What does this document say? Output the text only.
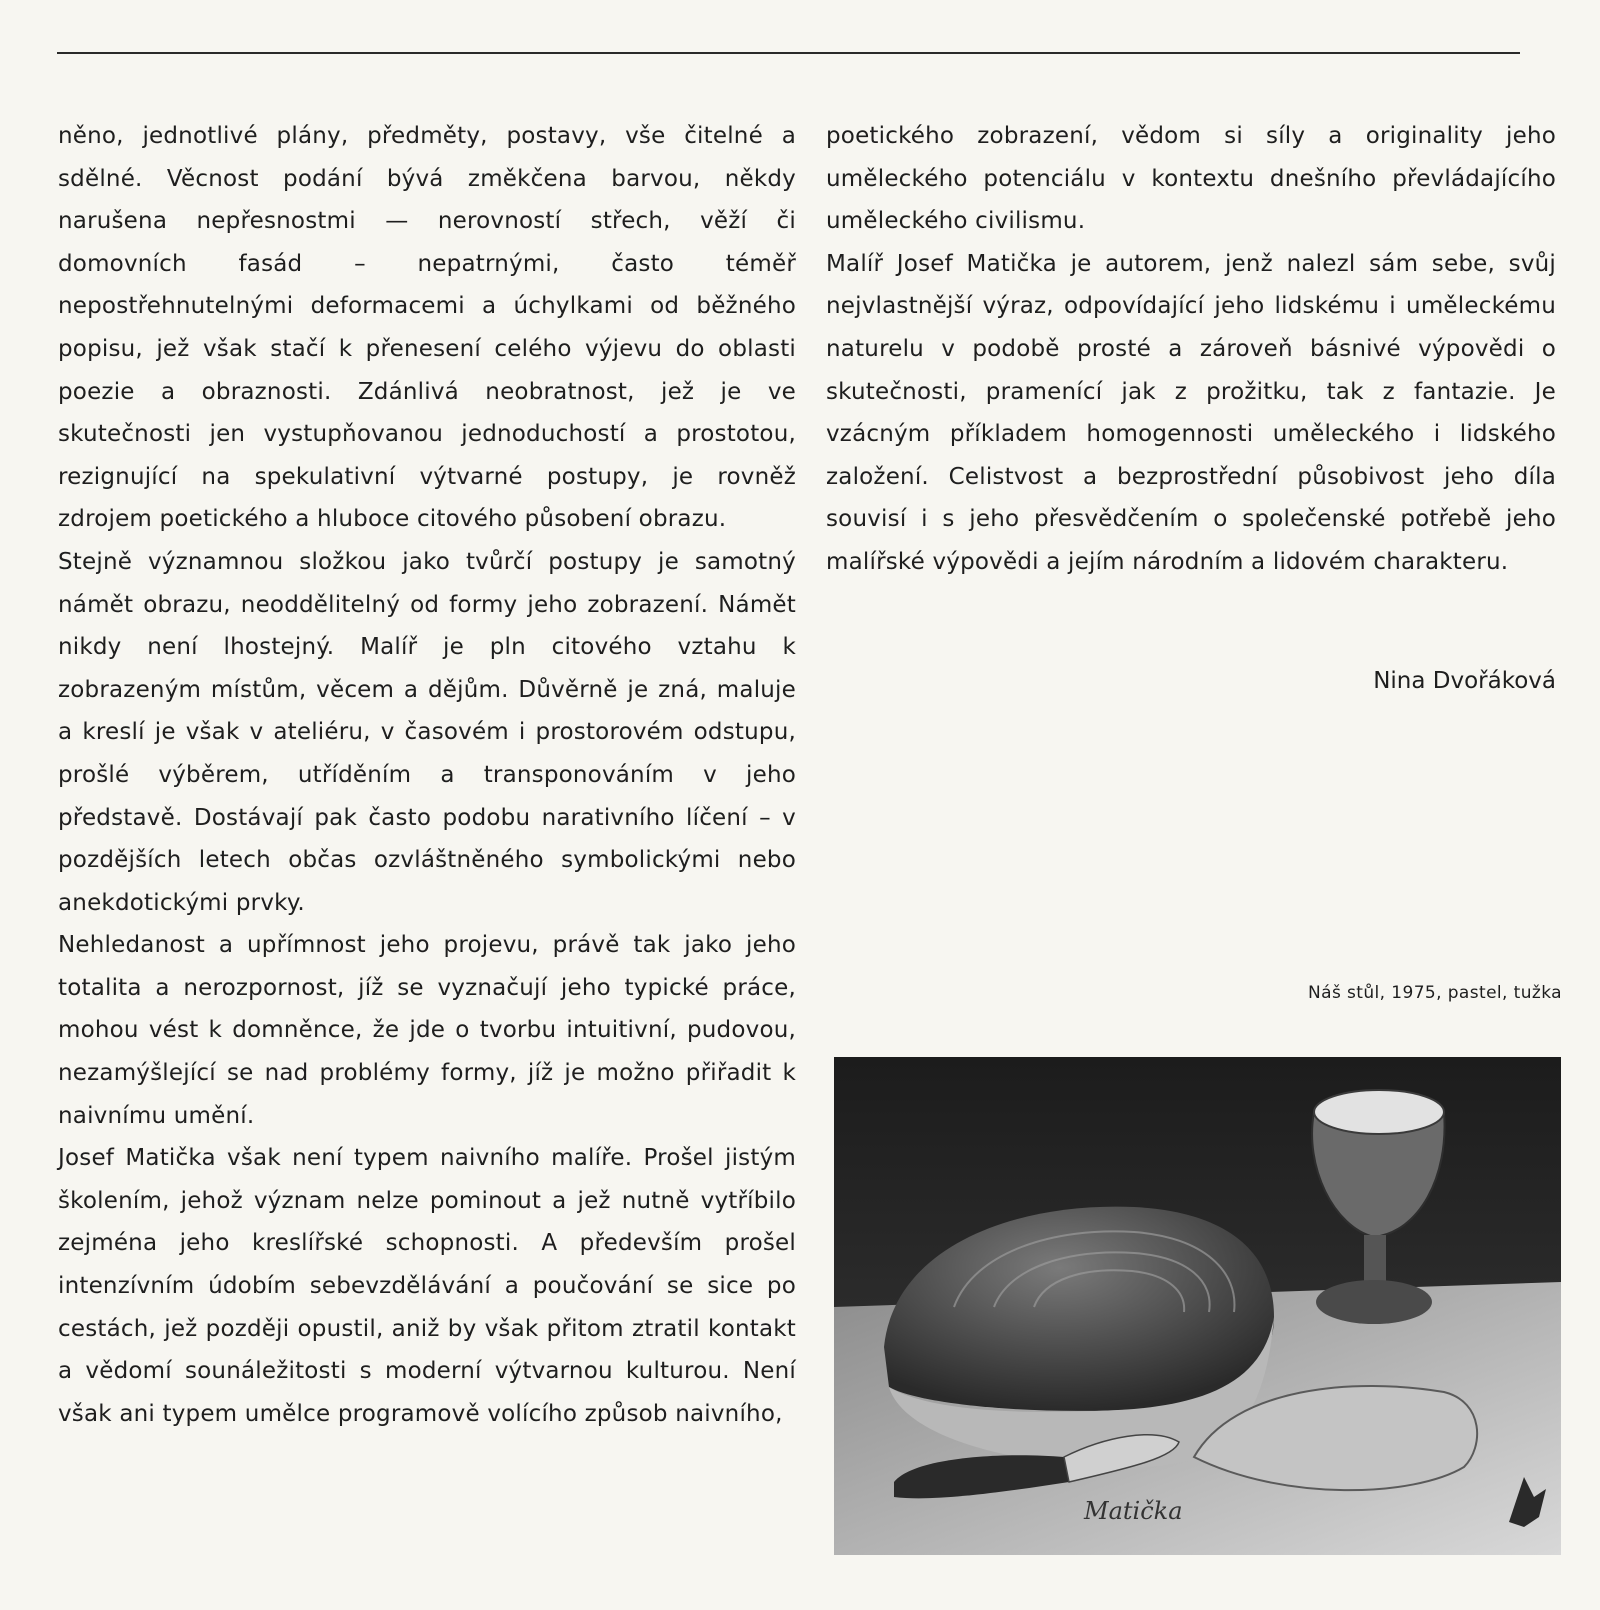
něno, jednotlivé plány, předměty, postavy, vše čitelné a sdělné. Věcnost podání bývá změkčena barvou, někdy narušena nepřesnostmi — nerovností střech, věží či domovních fasád – nepatrnými, často téměř nepostřehnutelnými deformacemi a úchylkami od běžného popisu, jež však stačí k přenesení celého výjevu do oblasti poezie a obraznosti. Zdánlivá neobratnost, jež je ve skutečnosti jen vystupňovanou jednoduchostí a prostotou, rezignující na spekulativní výtvarné postupy, je rovněž zdrojem poetického a hluboce citového působení obrazu.

Stejně významnou složkou jako tvůrčí postupy je samotný námět obrazu, neoddělitelný od formy jeho zobrazení. Námět nikdy není lhostejný. Malíř je pln citového vztahu k zobrazeným místům, věcem a dějům. Důvěrně je zná, maluje a kreslí je však v ateliéru, v časovém i prostorovém odstupu, prošlé výběrem, utříděním a transponováním v jeho představě. Dostávají pak často podobu narativního líčení – v pozdějších letech občas ozvláštněného symbolickými nebo anekdotickými prvky.

Nehledanost a upřímnost jeho projevu, právě tak jako jeho totalita a nerozpornost, jíž se vyznačují jeho typické práce, mohou vést k domněnce, že jde o tvorbu intuitivní, pudovou, nezamýšlející se nad problémy formy, jíž je možno přiřadit k naivnímu umění.

Josef Matička však není typem naivního malíře. Prošel jistým školením, jehož význam nelze pominout a jež nutně vytříbilo zejména jeho kreslířské schopnosti. A především prošel intenzívním údobím sebevzdělávání a poučování se sice po cestách, jež později opustil, aniž by však přitom ztratil kontakt a vědomí sounáležitosti s moderní výtvarnou kulturou. Není však ani typem umělce programově volícího způsob naivního,

poetického zobrazení, vědom si síly a originality jeho uměleckého potenciálu v kontextu dnešního převládajícího uměleckého civilismu.

Malíř Josef Matička je autorem, jenž nalezl sám sebe, svůj nejvlastnější výraz, odpovídající jeho lidskému i uměleckému naturelu v podobě prosté a zároveň básnivé výpovědi o skutečnosti, pramenící jak z prožitku, tak z fantazie. Je vzácným příkladem homogennosti uměleckého i lidského založení. Celistvost a bezprostřední působivost jeho díla souvisí i s jeho přesvědčením o společenské potřebě jeho malířské výpovědi a jejím národním a lidovém charakteru.

Nina Dvořáková
Náš stůl, 1975, pastel, tužka
Matička
